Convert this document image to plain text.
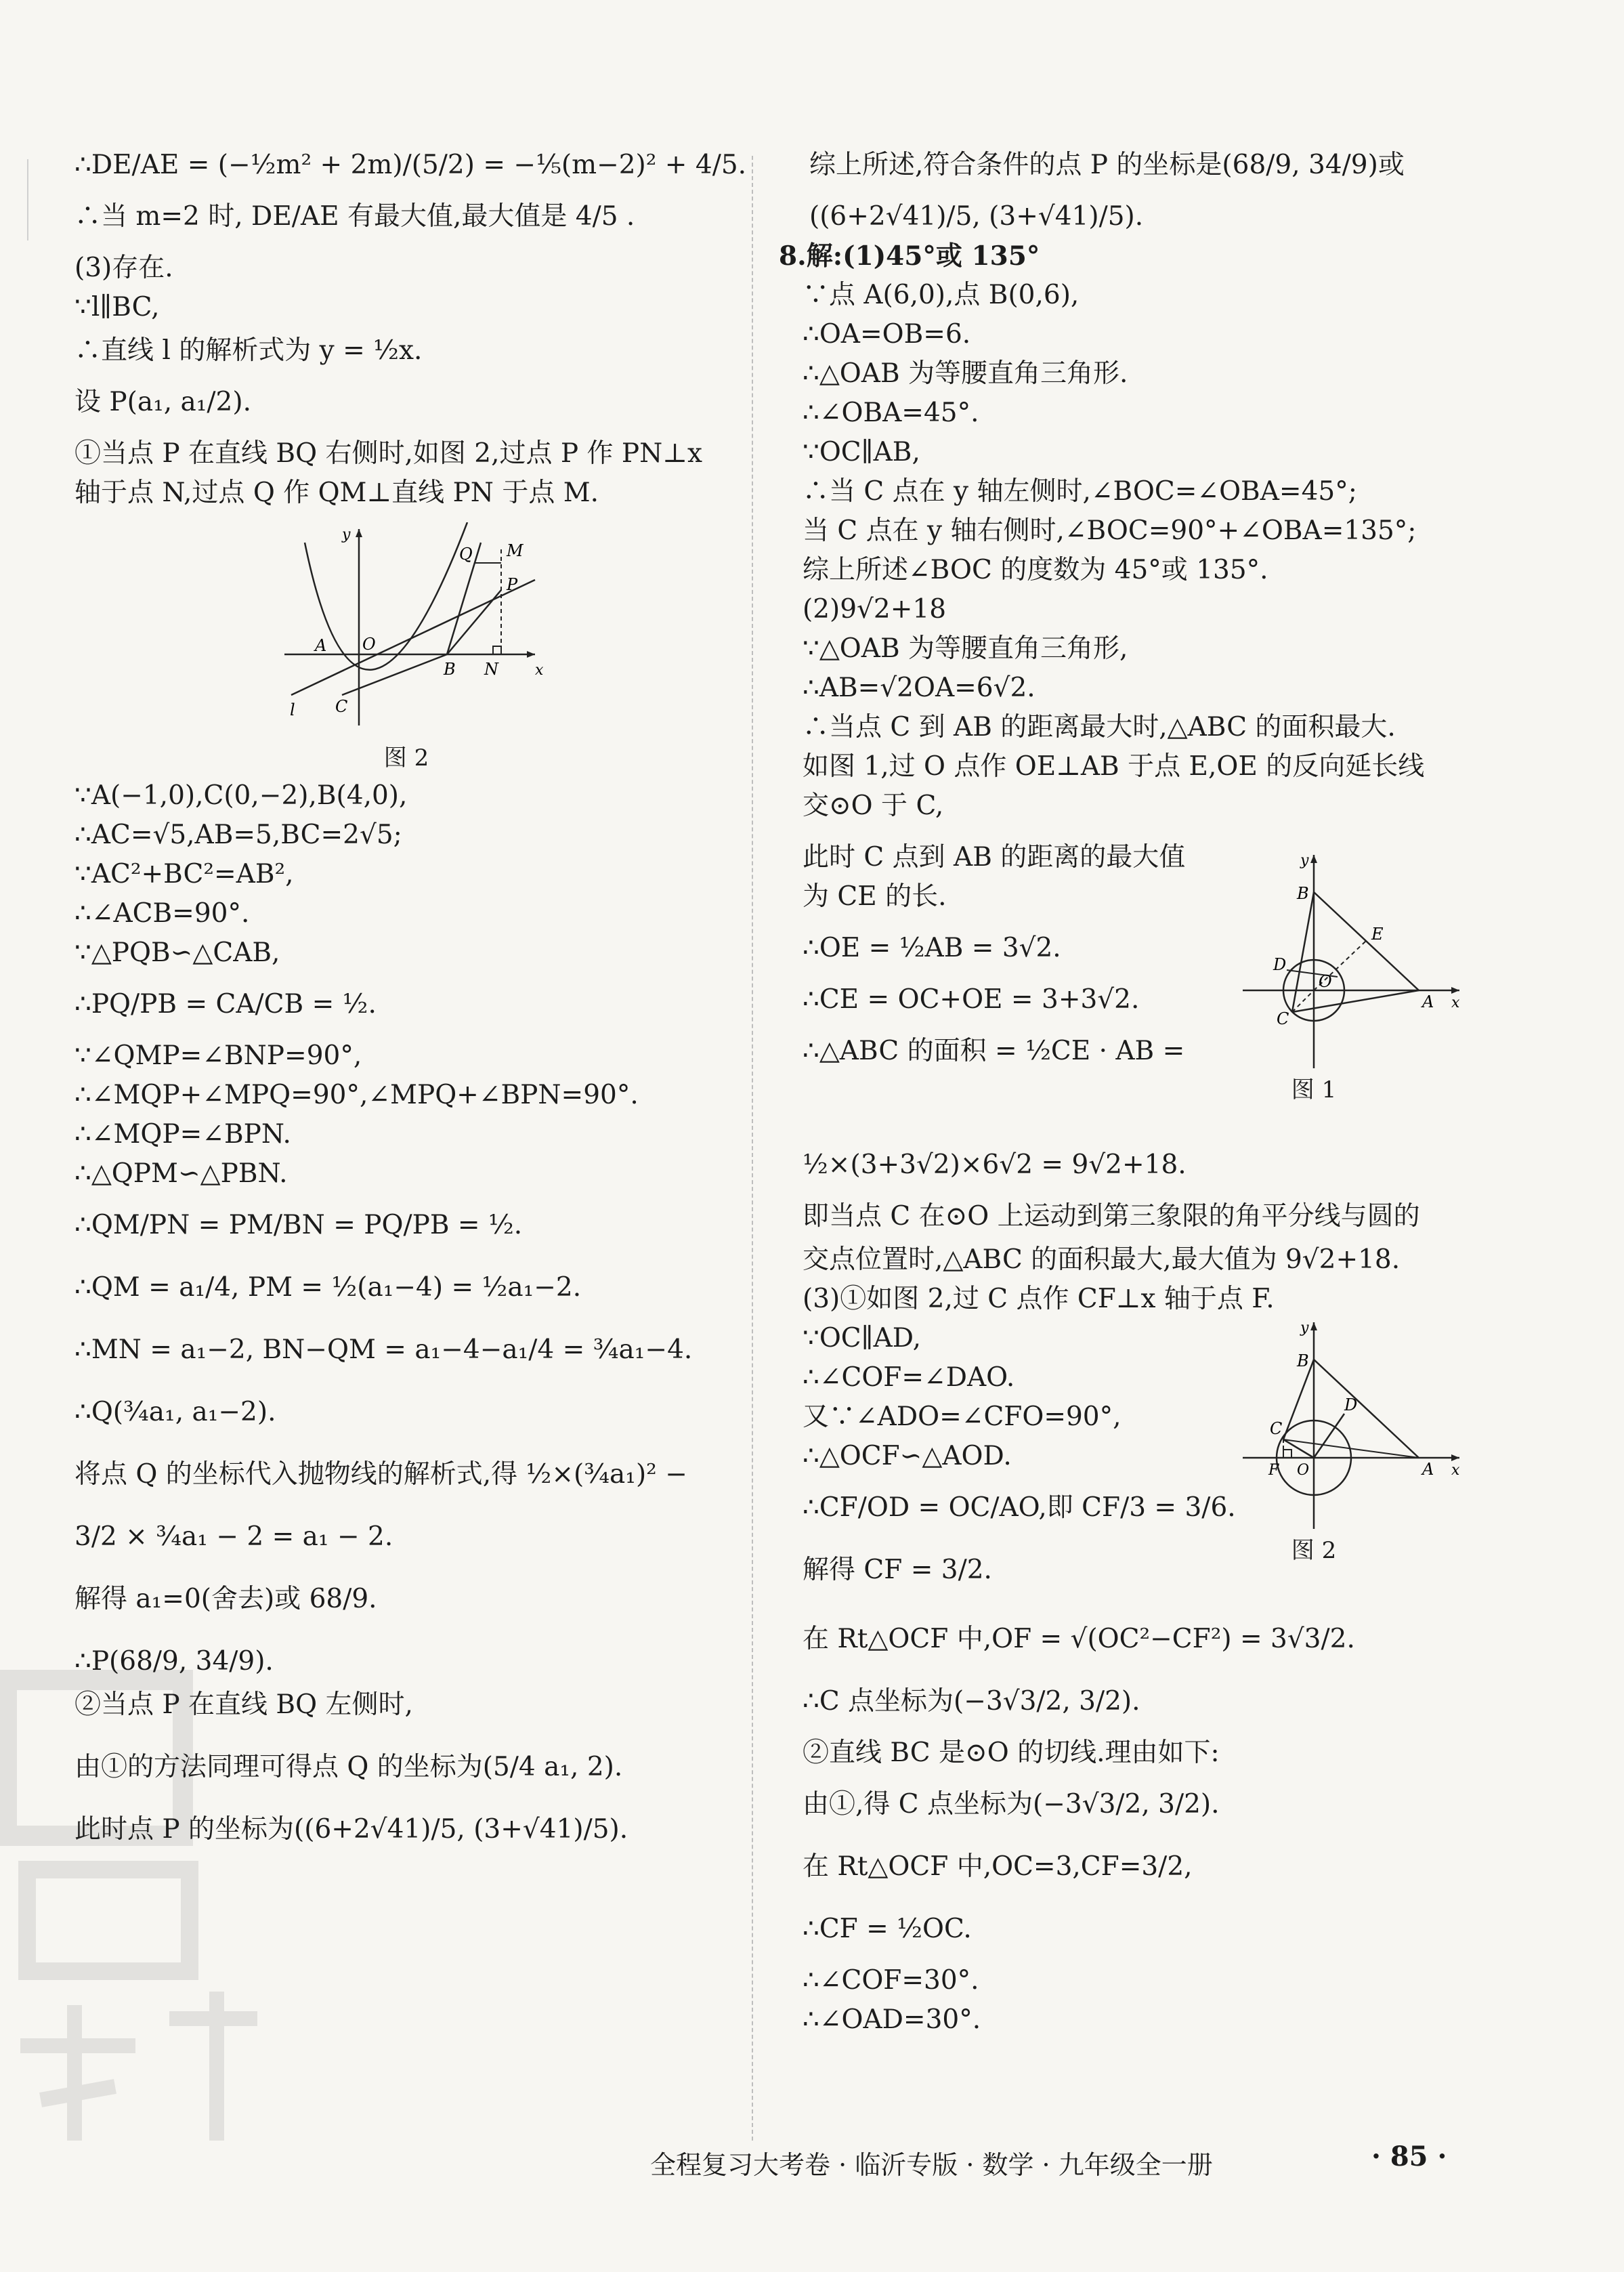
∴DE/AE = (−½m² + 2m)/(5/2) = −⅕(m−2)² + 4/5.
∴当 m=2 时, DE/AE 有最大值,最大值是 4/5 .
(3)存在.
∵l∥BC,
∴直线 l 的解析式为 y = ½x.
设 P(a₁, a₁/2).
①当点 P 在直线 BQ 右侧时,如图 2,过点 P 作 PN⊥x
轴于点 N,过点 Q 作 QM⊥直线 PN 于点 M.
y
x
O
A
B
C
N
P
Q M
l
图 2
∵A(−1,0),C(0,−2),B(4,0),
∴AC=√5,AB=5,BC=2√5;
∵AC²+BC²=AB²,
∴∠ACB=90°.
∵△PQB∽△CAB,
∴PQ/PB = CA/CB = ½.
∵∠QMP=∠BNP=90°,
∴∠MQP+∠MPQ=90°,∠MPQ+∠BPN=90°.
∴∠MQP=∠BPN.
∴△QPM∽△PBN.
∴QM/PN = PM/BN = PQ/PB = ½.
∴QM = a₁/4, PM = ½(a₁−4) = ½a₁−2.
∴MN = a₁−2, BN−QM = a₁−4−a₁/4 = ¾a₁−4.
∴Q(¾a₁, a₁−2).
将点 Q 的坐标代入抛物线的解析式,得 ½×(¾a₁)² −
3/2 × ¾a₁ − 2 = a₁ − 2.
解得 a₁=0(舍去)或 68/9.
∴P(68/9, 34/9).
②当点 P 在直线 BQ 左侧时,
由①的方法同理可得点 Q 的坐标为(5/4 a₁, 2).
此时点 P 的坐标为((6+2√41)/5, (3+√41)/5).
综上所述,符合条件的点 P 的坐标是(68/9, 34/9)或
((6+2√41)/5, (3+√41)/5).
8.解:(1)45°或 135°
∵点 A(6,0),点 B(0,6),
∴OA=OB=6.
∴△OAB 为等腰直角三角形.
∴∠OBA=45°.
∵OC∥AB,
∴当 C 点在 y 轴左侧时,∠BOC=∠OBA=45°;
当 C 点在 y 轴右侧时,∠BOC=90°+∠OBA=135°;
综上所述∠BOC 的度数为 45°或 135°.
(2)9√2+18
∵△OAB 为等腰直角三角形,
∴AB=√2OA=6√2.
∴当点 C 到 AB 的距离最大时,△ABC 的面积最大.
如图 1,过 O 点作 OE⊥AB 于点 E,OE 的反向延长线
交⊙O 于 C,
此时 C 点到 AB 的距离的最大值
为 CE 的长.
∴OE = ½AB = 3√2.
∴CE = OC+OE = 3+3√2.
∴△ABC 的面积 = ½CE · AB =
y
x
B
E
D
O
A
C
图 1
½×(3+3√2)×6√2 = 9√2+18.
即当点 C 在⊙O 上运动到第三象限的角平分线与圆的
交点位置时,△ABC 的面积最大,最大值为 9√2+18.
(3)①如图 2,过 C 点作 CF⊥x 轴于点 F.
∵OC∥AD,
∴∠COF=∠DAO.
又∵∠ADO=∠CFO=90°,
∴△OCF∽△AOD.
∴CF/OD = OC/AO,即 CF/3 = 3/6.
解得 CF = 3/2.
y
x
B
C
D
F O	A
图 2
在 Rt△OCF 中,OF = √(OC²−CF²) = 3√3/2.
∴C 点坐标为(−3√3/2, 3/2).
②直线 BC 是⊙O 的切线.理由如下:
由①,得 C 点坐标为(−3√3/2, 3/2).
在 Rt△OCF 中,OC=3,CF=3/2,
∴CF = ½OC.
∴∠COF=30°.
∴∠OAD=30°.
全程复习大考卷 · 临沂专版 · 数学 · 九年级全一册	· 85 ·
